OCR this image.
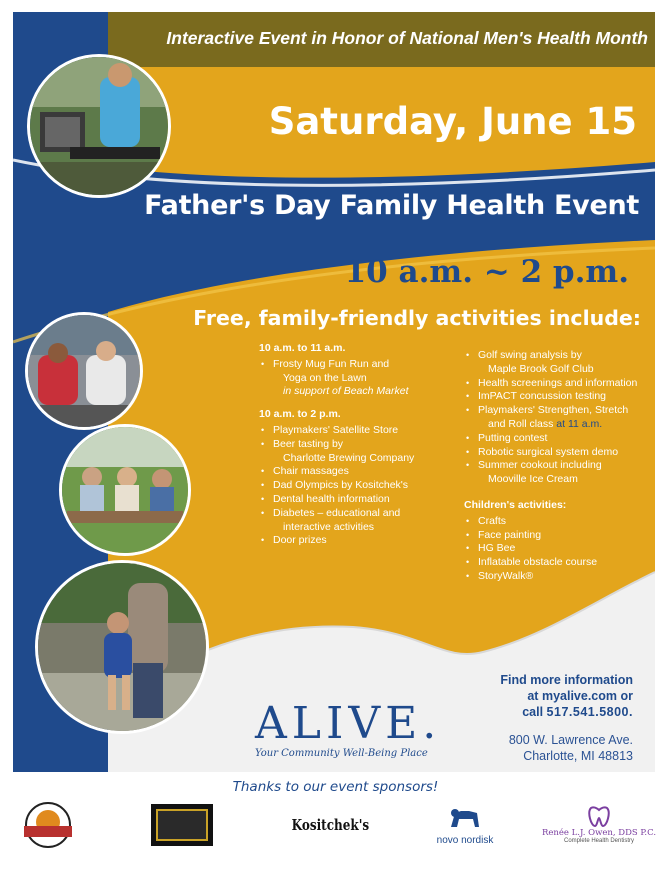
Interactive Event in Honor of National Men's Health Month
Saturday, June 15
Father's Day Family Health Event
10 a.m. ~ 2 p.m.
Free, family-friendly activities include:
10 a.m. to 11 a.m.
• Frosty Mug Fun Run and
Yoga on the Lawn
in support of Beach Market
10 a.m. to 2 p.m.
• Playmakers' Satellite Store
• Beer tasting by
Charlotte Brewing Company
• Chair massages
• Dad Olympics by Kositchek's
• Dental health information
• Diabetes – educational and
interactive activities
• Door prizes
• Golf swing analysis by
Maple Brook Golf Club
• Health screenings and information
• ImPACT concussion testing
• Playmakers' Strengthen, Stretch
and Roll class at 11 a.m.
• Putting contest
• Robotic surgical system demo
• Summer cookout including
Mooville Ice Cream
Children's activities:
• Crafts
• Face painting
• HG Bee
• Inflatable obstacle course
• StoryWalk®
ALIVE.
Your Community Well-Being Place
Find more information
at myalive.com or
call 517.541.5800.
800 W. Lawrence Ave.
Charlotte, MI 48813
Thanks to our event sponsors!
Kositchek's
novo nordisk
Renée L.J. Owen, DDS P.C.
Complete Health Dentistry
